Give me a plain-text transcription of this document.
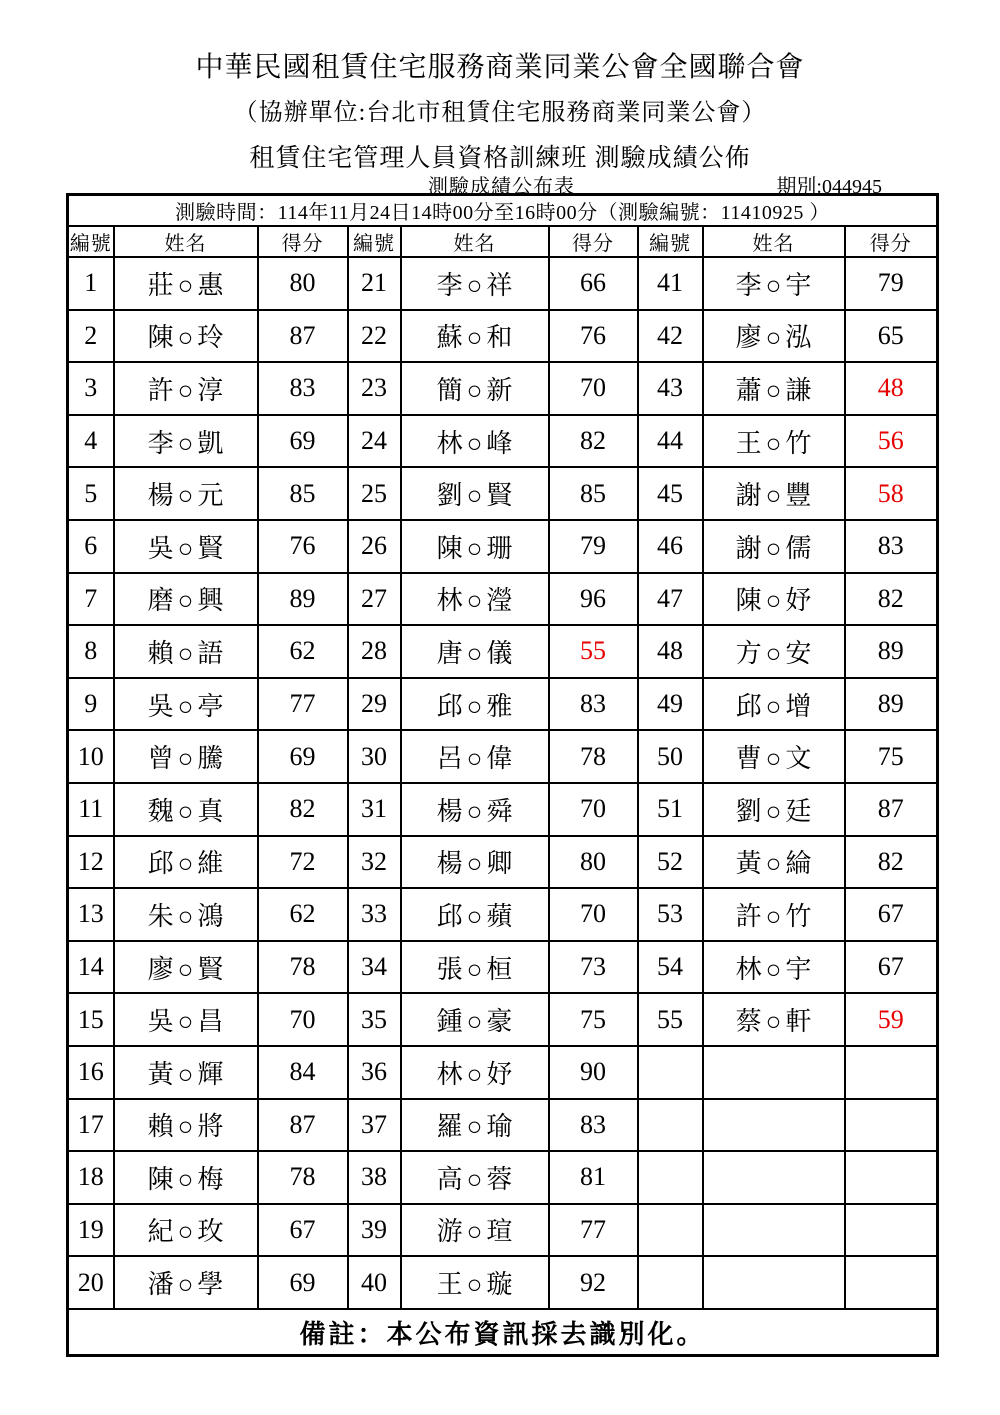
中華民國租賃住宅服務商業同業公會全國聯合會
（協辦單位:台北市租賃住宅服務商業同業公會）
租賃住宅管理人員資格訓練班 測驗成績公佈
測驗成績公布表	期別:044945
測驗時間：114年11月24日14時00分至16時00分（測驗編號：11410925 ）								
編號	姓名	得分	編號	姓名	得分	編號	姓名	得分
1	莊○惠	80	21	李○祥	66	41	李○宇	79
2	陳○玲	87	22	蘇○和	76	42	廖○泓	65
3	許○淳	83	23	簡○新	70	43	蕭○謙	48
4	李○凱	69	24	林○峰	82	44	王○竹	56
5	楊○元	85	25	劉○賢	85	45	謝○豐	58
6	吳○賢	76	26	陳○珊	79	46	謝○儒	83
7	磨○興	89	27	林○瀅	96	47	陳○妤	82
8	賴○語	62	28	唐○儀	55	48	方○安	89
9	吳○亭	77	29	邱○雅	83	49	邱○增	89
10	曾○騰	69	30	呂○偉	78	50	曹○文	75
11	魏○真	82	31	楊○舜	70	51	劉○廷	87
12	邱○維	72	32	楊○卿	80	52	黃○綸	82
13	朱○鴻	62	33	邱○蘋	70	53	許○竹	67
14	廖○賢	78	34	張○桓	73	54	林○宇	67
15	吳○昌	70	35	鍾○豪	75	55	蔡○軒	59
16	黃○輝	84	36	林○妤	90			
17	賴○將	87	37	羅○瑜	83			
18	陳○梅	78	38	高○蓉	81			
19	紀○玫	67	39	游○瑄	77			
20	潘○學	69	40	王○璇	92			
備註：本公布資訊採去識別化。								
